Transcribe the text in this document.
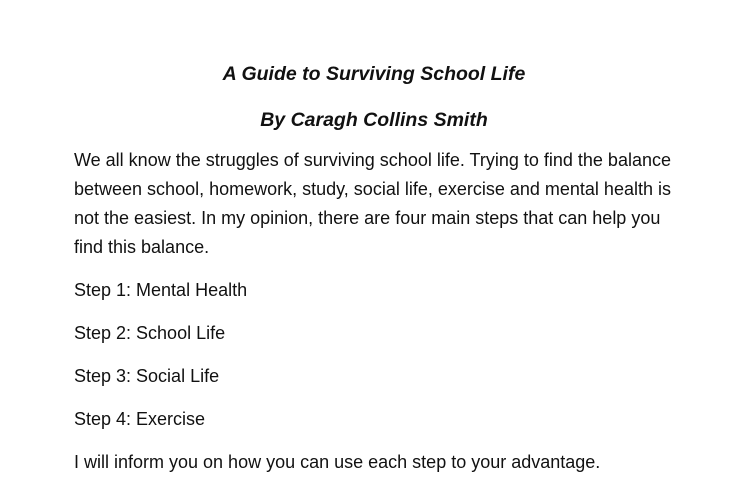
A Guide to Surviving School Life
By Caragh Collins Smith

We all know the struggles of surviving school life. Trying to find the balance between school, homework, study, social life, exercise and mental health is not the easiest. In my opinion, there are four main steps that can help you find this balance.

Step 1: Mental Health

Step 2: School Life

Step 3: Social Life

Step 4: Exercise

I will inform you on how you can use each step to your advantage.
